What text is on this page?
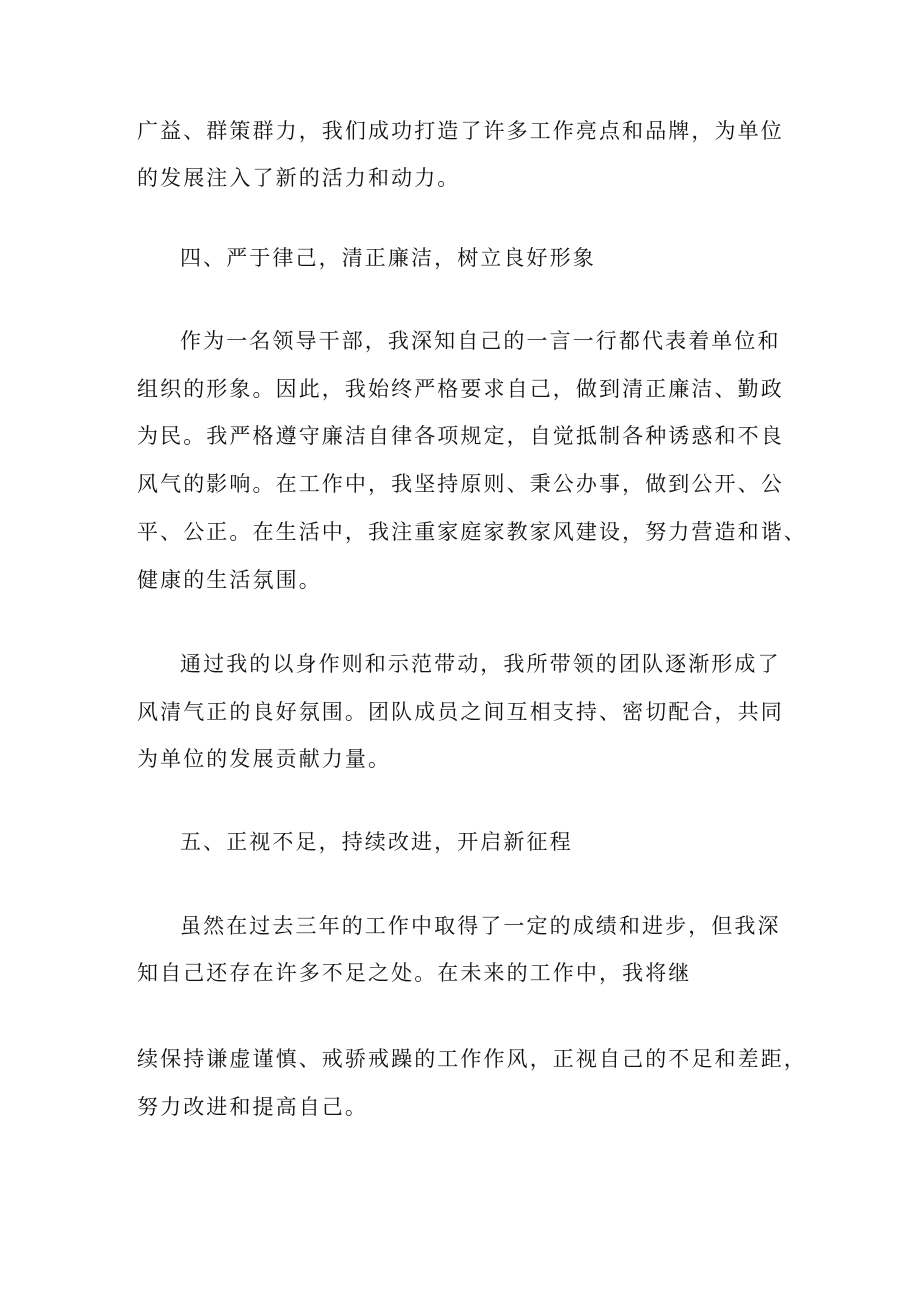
广益、群策群力，我们成功打造了许多工作亮点和品牌，为单位

的发展注入了新的活力和动力。

四、严于律己，清正廉洁，树立良好形象

作为一名领导干部，我深知自己的一言一行都代表着单位和

组织的形象。因此，我始终严格要求自己，做到清正廉洁、勤政

为民。我严格遵守廉洁自律各项规定，自觉抵制各种诱惑和不良

风气的影响。在工作中，我坚持原则、秉公办事，做到公开、公

平、公正。在生活中，我注重家庭家教家风建设，努力营造和谐、

健康的生活氛围。

通过我的以身作则和示范带动，我所带领的团队逐渐形成了

风清气正的良好氛围。团队成员之间互相支持、密切配合，共同

为单位的发展贡献力量。

五、正视不足，持续改进，开启新征程

虽然在过去三年的工作中取得了一定的成绩和进步，但我深

知自己还存在许多不足之处。在未来的工作中，我将继

续保持谦虚谨慎、戒骄戒躁的工作作风，正视自己的不足和差距，

努力改进和提高自己。
